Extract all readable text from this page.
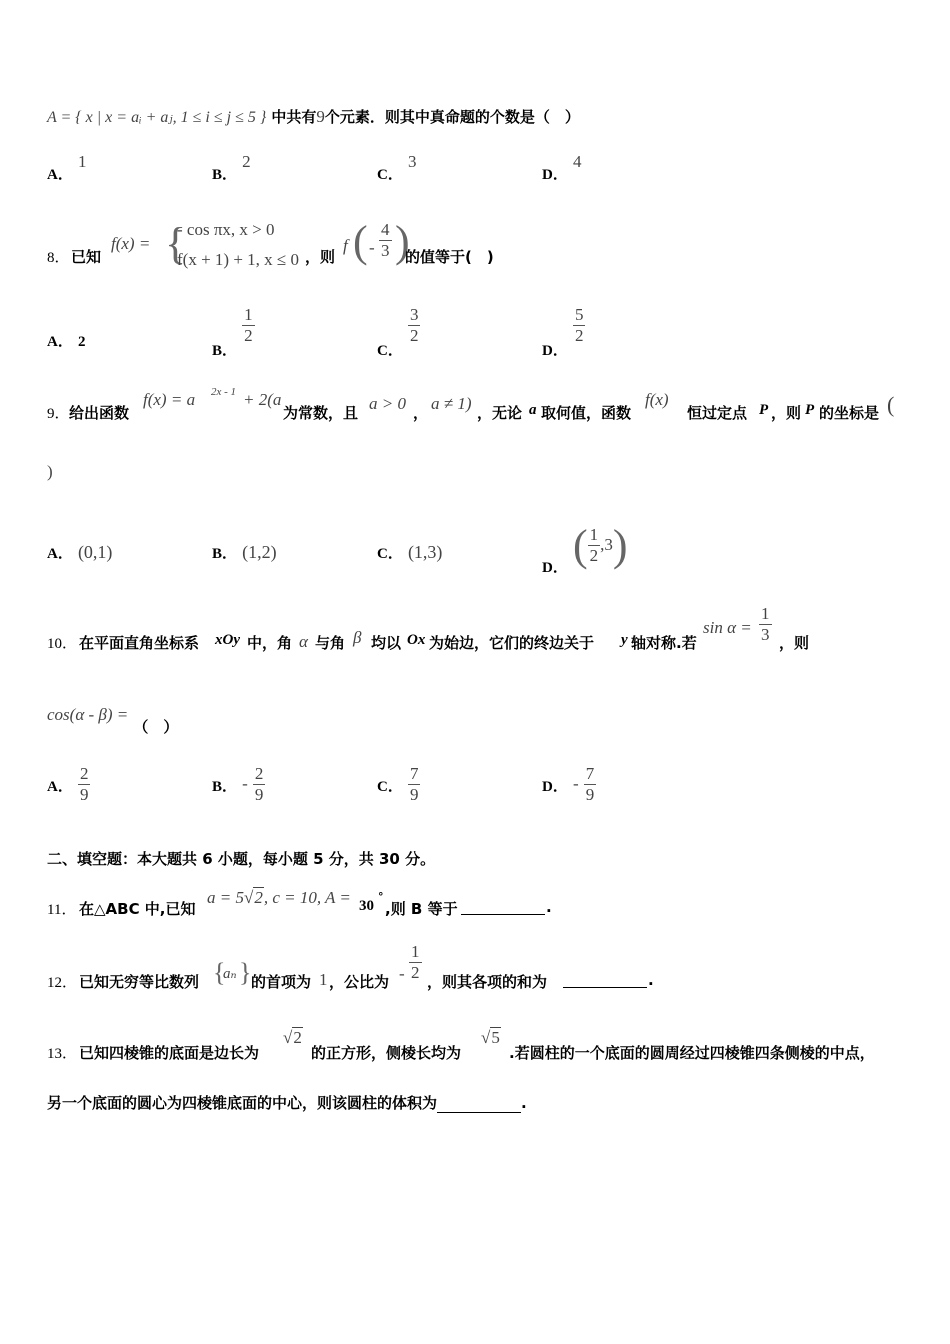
A = { x | x = aᵢ + aⱼ, 1 ≤ i ≤ j ≤ 5 } 中共有9个元素．则其中真命题的个数是（　）
A． 1
B． 2
C． 3
D． 4
8． 已知
f(x) = {
- cos πx, x > 0
f(x + 1) + 1, x ≤ 0 ，则
f ( - $\frac{4}{3}$ )
的值等于(　)
A． 2
B．
$\frac{1}{2}$
C．
$\frac{3}{2}$
D．
$\frac{5}{2}$
9． 给出函数
f(x) = a 2x - 1 + 2(a
为常数，且 a > 0 ， a ≠ 1) ，无论 a 取何值，函数
f(x)
恒过定点 P ，则 P 的坐标是 (
)
A． (0,1)	B． (1,2)	C． (1,3)
D． ( $\frac{1}{2} ,3$)
10． 在平面直角坐标系 xOy 中，角 α 与角 β 均以 Ox 为始边，它们的终边关于 y 轴对称.若
$\sin \alpha = \frac{1}{3}$ ，则
cos(α - β) = （　）
A． $\frac{2}{9}$	B． - $\frac{2}{9}$	C． $\frac{7}{9}$	D． - $\frac{7}{9}$
二、填空题：本大题共 6 小题，每小题 5 分，共 30 分。
11． 在△ABC 中,已知
a = 5√2, c = 10, A = 30
°
,则 B 等于	.
12． 已知无穷等比数列 {
aₙ } 的首项为 1 ，公比为 - $\frac{1}{2}$ ，则其各项的和为	.
13． 已知四棱锥的底面是边长为
√2
的正方形，侧棱长均为
√5
.若圆柱的一个底面的圆周经过四棱锥四条侧棱的中点，
另一个底面的圆心为四棱锥底面的中心，则该圆柱的体积为	.
